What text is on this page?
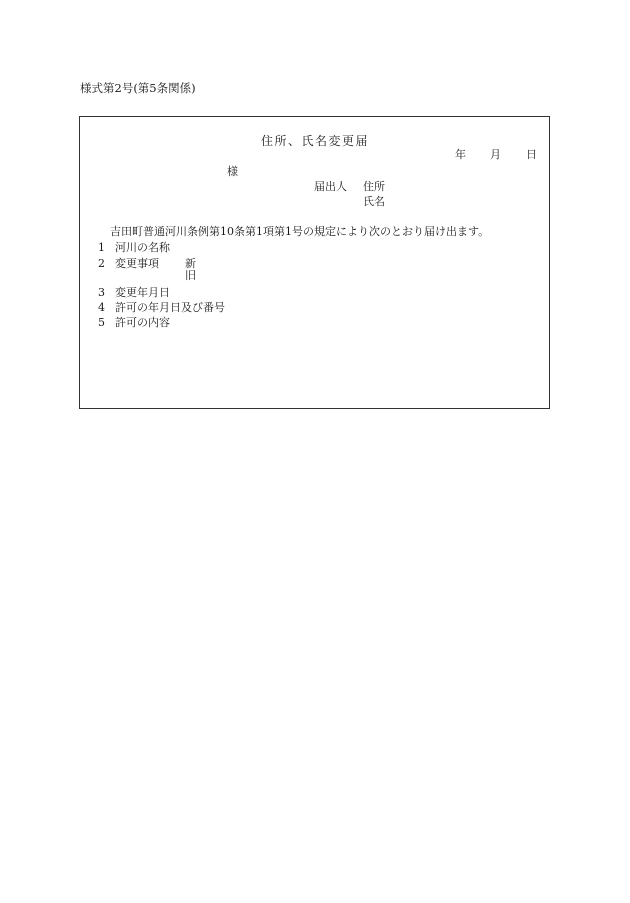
様式第2号(第5条関係)
住所、氏名変更届
年 月 日
様
届出人 住所
氏名
吉田町普通河川条例第10条第1項第1号の規定により次のとおり届け出ます。
1 河川の名称
2 変更事項 新
旧
3 変更年月日
4 許可の年月日及び番号
5 許可の内容
